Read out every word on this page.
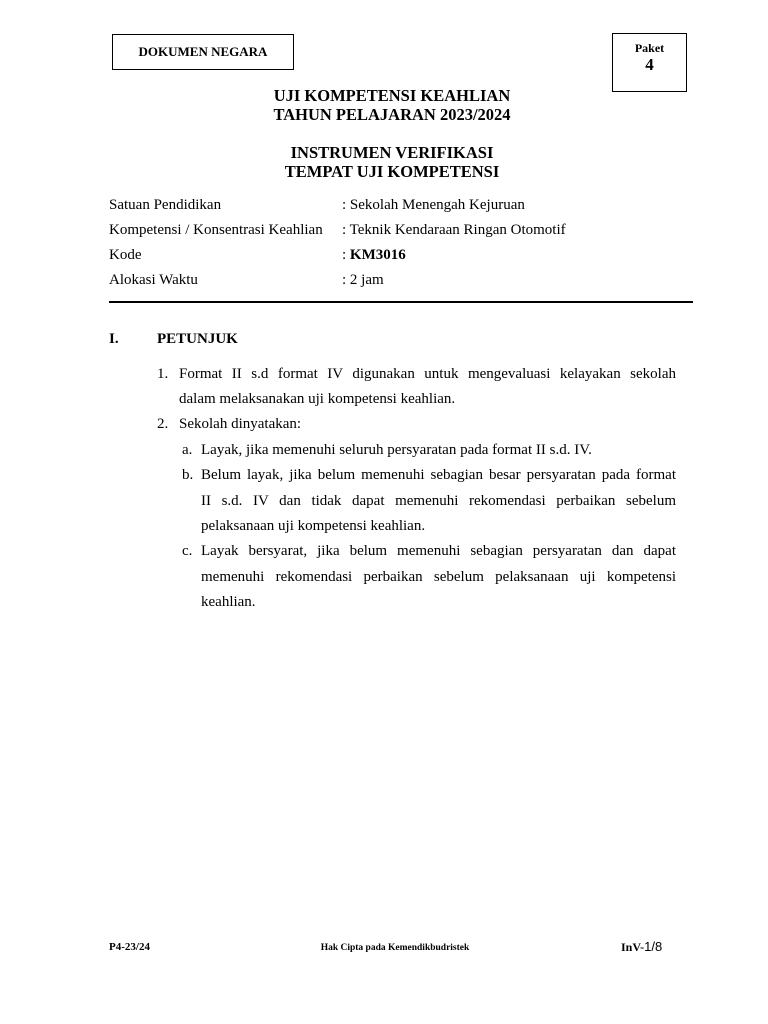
DOKUMEN NEGARA	Paket
4
UJI KOMPETENSI KEAHLIAN
TAHUN PELAJARAN 2023/2024
INSTRUMEN VERIFIKASI
TEMPAT UJI KOMPETENSI
Satuan Pendidikan	: Sekolah Menengah Kejuruan
Kompetensi / Konsentrasi Keahlian : Teknik Kendaraan Ringan Otomotif
Kode	: KM3016
Alokasi Waktu	: 2 jam
I.	PETUNJUK
1. Format II s.d format IV digunakan untuk mengevaluasi kelayakan sekolah
dalam melaksanakan uji kompetensi keahlian.
2. Sekolah dinyatakan:
a. Layak, jika memenuhi seluruh persyaratan pada format II s.d. IV.
b. Belum layak, jika belum memenuhi sebagian besar persyaratan pada format
II s.d. IV dan tidak dapat memenuhi rekomendasi perbaikan sebelum
pelaksanaan uji kompetensi keahlian.
c. Layak bersyarat, jika belum memenuhi sebagian persyaratan dan dapat
memenuhi rekomendasi perbaikan sebelum pelaksanaan uji kompetensi
keahlian.
P4-23/24	Hak Cipta pada Kemendikbudristek	InV-1/8
